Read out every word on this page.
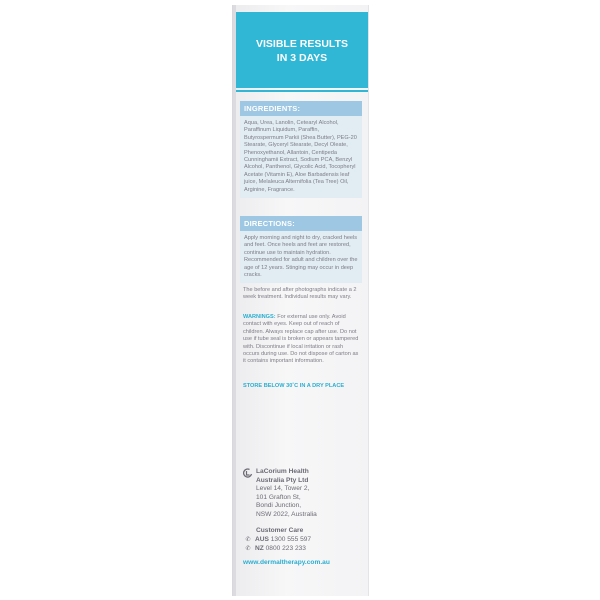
VISIBLE RESULTS
IN 3 DAYS
INGREDIENTS:
Aqua, Urea, Lanolin, Cetearyl Alcohol, Paraffinum Liquidum, Paraffin, Butyrospermum Parkii (Shea Butter), PEG-20 Stearate, Glyceryl Stearate, Decyl Oleate, Phenoxyethanol, Allantoin, Centipeda Cunninghamii Extract, Sodium PCA, Benzyl Alcohol, Panthenol, Glycolic Acid, Tocopheryl Acetate (Vitamin E), Aloe Barbadensis leaf juice, Melaleuca Alternifolia (Tea Tree) Oil, Arginine, Fragrance.
DIRECTIONS:
Apply morning and night to dry, cracked heels and feet. Once heels and feet are restored, continue use to maintain hydration. Recommended for adult and children over the age of 12 years. Stinging may occur in deep cracks.
The before and after photographs indicate a 2 week treatment. Individual results may vary.
WARNINGS: For external use only. Avoid contact with eyes. Keep out of reach of children. Always replace cap after use. Do not use if tube seal is broken or appears tampered with. Discontinue if local irritation or rash occurs during use. Do not dispose of carton as it contains important information.
STORE BELOW 30˚C IN A DRY PLACE
LaCorium Health
Australia Pty Ltd
Level 14, Tower 2,
101 Grafton St,
Bondi Junction,
NSW 2022, Australia
Customer Care
✆ AUS 1300 555 597
✆ NZ 0800 223 233
www.dermaltherapy.com.au
